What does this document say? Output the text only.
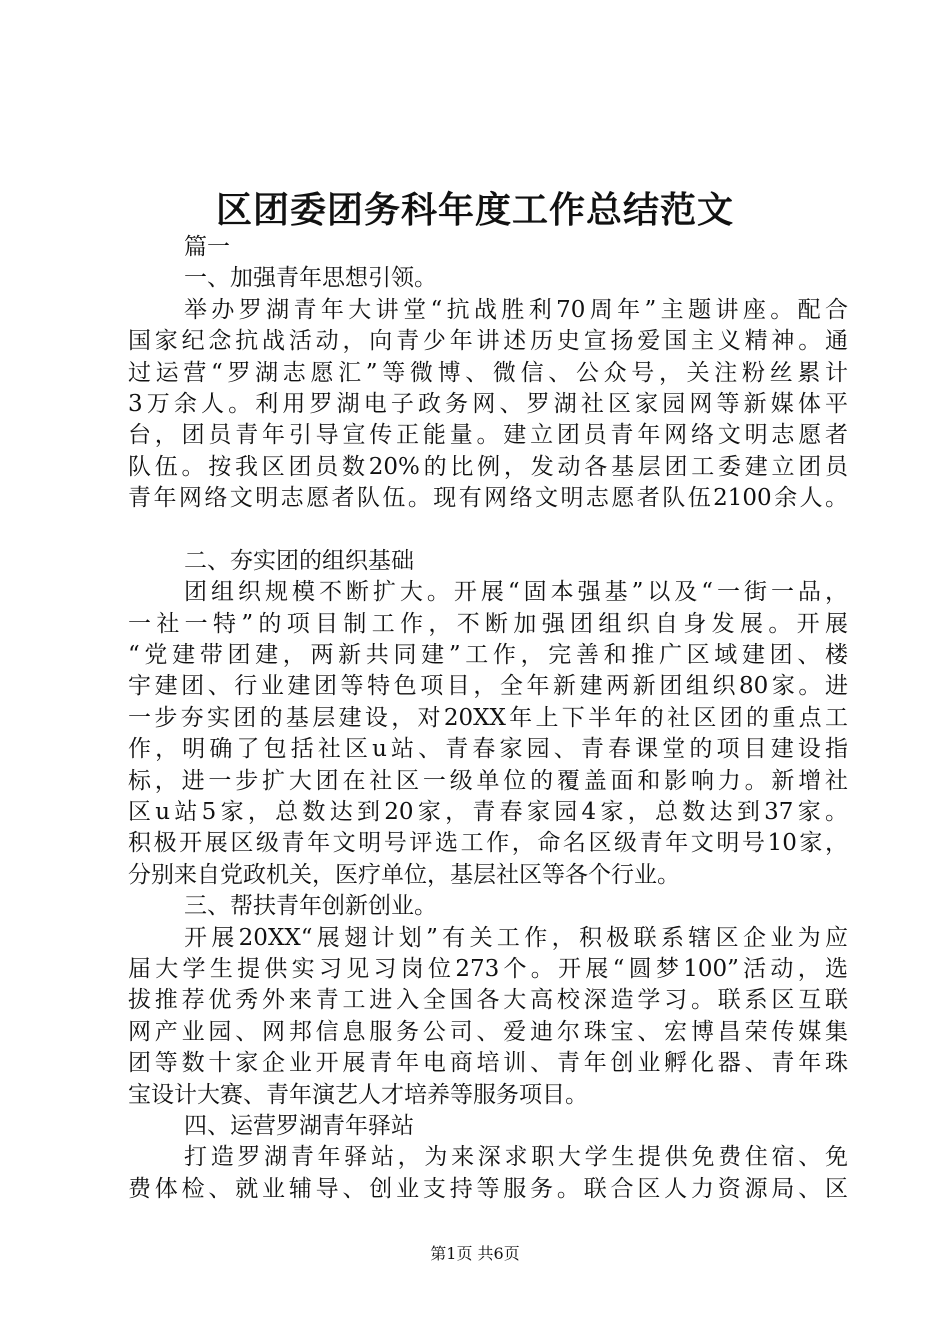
区团委团务科年度工作总结范文
篇一
一、加强青年思想引领。
举办罗湖青年大讲堂“抗战胜利70周年”主题讲座。配合
国家纪念抗战活动，向青少年讲述历史宣扬爱国主义精神。通
过运营“罗湖志愿汇”等微博、微信、公众号，关注粉丝累计
3万余人。利用罗湖电子政务网、罗湖社区家园网等新媒体平
台，团员青年引导宣传正能量。建立团员青年网络文明志愿者
队伍。按我区团员数20%的比例，发动各基层团工委建立团员
青年网络文明志愿者队伍。现有网络文明志愿者队伍2100余人。
二、夯实团的组织基础
团组织规模不断扩大。开展“固本强基”以及“一街一品，
一社一特”的项目制工作，不断加强团组织自身发展。开展
“党建带团建，两新共同建”工作，完善和推广区域建团、楼
宇建团、行业建团等特色项目，全年新建两新团组织80家。进
一步夯实团的基层建设，对20XX年上下半年的社区团的重点工
作，明确了包括社区u站、青春家园、青春课堂的项目建设指
标，进一步扩大团在社区一级单位的覆盖面和影响力。新增社
区u站5家，总数达到20家，青春家园4家，总数达到37家。
积极开展区级青年文明号评选工作，命名区级青年文明号10家，
分别来自党政机关，医疗单位，基层社区等各个行业。
三、帮扶青年创新创业。
开展20XX“展翅计划”有关工作，积极联系辖区企业为应
届大学生提供实习见习岗位273个。开展“圆梦100”活动，选
拔推荐优秀外来青工进入全国各大高校深造学习。联系区互联
网产业园、网邦信息服务公司、爱迪尔珠宝、宏博昌荣传媒集
团等数十家企业开展青年电商培训、青年创业孵化器、青年珠
宝设计大赛、青年演艺人才培养等服务项目。
四、运营罗湖青年驿站
打造罗湖青年驿站，为来深求职大学生提供免费住宿、免
费体检、就业辅导、创业支持等服务。联合区人力资源局、区
第1页 共6页
